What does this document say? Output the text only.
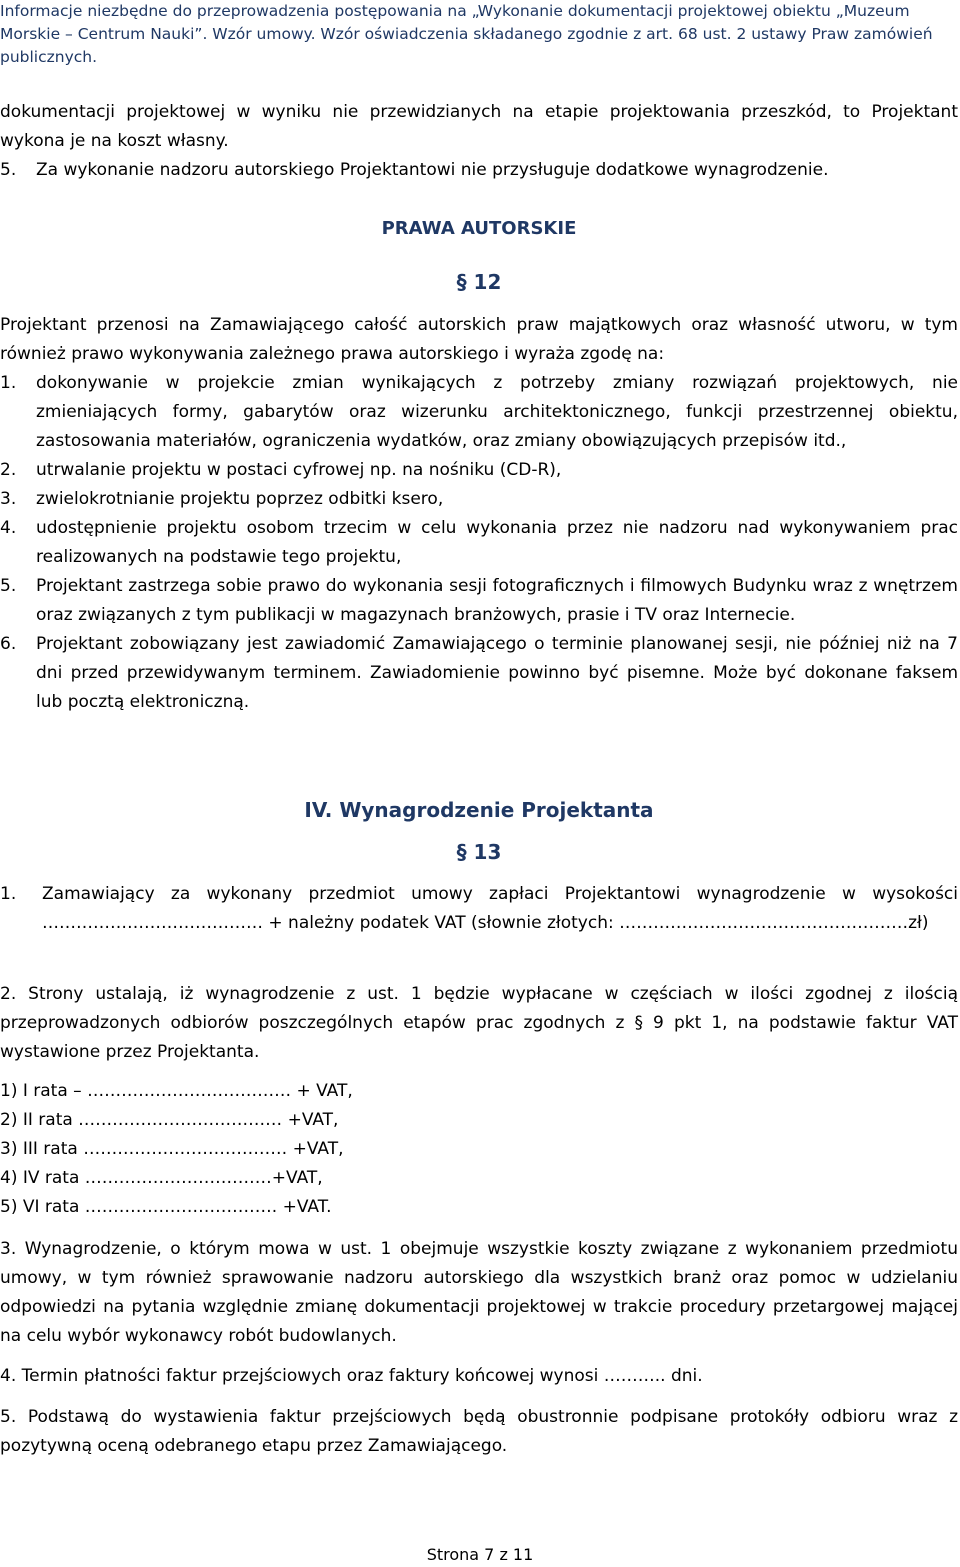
Informacje niezbędne do przeprowadzenia postępowania na „Wykonanie dokumentacji projektowej obiektu „Muzeum Morskie – Centrum Nauki”. Wzór umowy. Wzór oświadczenia składanego zgodnie z art. 68 ust. 2 ustawy Praw zamówień publicznych.
dokumentacji projektowej w wyniku nie przewidzianych na etapie projektowania przeszkód, to Projektant wykona je na koszt własny.
5.	Za wykonanie nadzoru autorskiego Projektantowi nie przysługuje dodatkowe wynagrodzenie.
PRAWA AUTORSKIE
§ 12
Projektant przenosi na Zamawiającego całość autorskich praw majątkowych oraz własność utworu, w tym również prawo wykonywania zależnego prawa autorskiego i wyraża zgodę na:
1.	dokonywanie w projekcie zmian wynikających z potrzeby zmiany rozwiązań projektowych, nie zmieniających formy, gabarytów oraz wizerunku architektonicznego, funkcji przestrzennej obiektu, zastosowania materiałów, ograniczenia wydatków, oraz zmiany obowiązujących przepisów itd.,
2.	utrwalanie projektu w postaci cyfrowej np. na nośniku (CD-R),
3.	zwielokrotnianie projektu poprzez odbitki ksero,
4.	udostępnienie projektu osobom trzecim w celu wykonania przez nie nadzoru nad wykonywaniem prac realizowanych na podstawie tego projektu,
5.	Projektant zastrzega sobie prawo do wykonania sesji fotograficznych i filmowych Budynku wraz z wnętrzem oraz związanych z tym publikacji w magazynach branżowych, prasie i TV oraz Internecie.
6.	Projektant zobowiązany jest zawiadomić Zamawiającego o terminie planowanej sesji, nie później niż na 7 dni przed przewidywanym terminem. Zawiadomienie powinno być pisemne. Może być dokonane faksem lub pocztą elektroniczną.
IV. Wynagrodzenie Projektanta
§ 13
1.	Zamawiający za wykonany przedmiot umowy zapłaci Projektantowi wynagrodzenie w wysokości ………………………………… + należny podatek VAT (słownie złotych: ……………………………………………zł)
2. Strony ustalają, iż wynagrodzenie z ust. 1 będzie wypłacane w częściach w ilości zgodnej z ilością przeprowadzonych odbiorów poszczególnych etapów prac zgodnych z § 9 pkt 1, na podstawie faktur VAT wystawione przez Projektanta.
1) I rata – ……………………………… + VAT,
2) II rata ……………………………… +VAT,
3) III rata ……………………………… +VAT,
4) IV rata ……………………………+VAT,
5) VI rata ……………………………. +VAT.
3. Wynagrodzenie, o którym mowa w ust. 1 obejmuje wszystkie koszty związane z wykonaniem przedmiotu umowy, w tym również sprawowanie nadzoru autorskiego dla wszystkich branż oraz pomoc w udzielaniu odpowiedzi na pytania względnie zmianę dokumentacji projektowej w trakcie procedury przetargowej mającej na celu wybór wykonawcy robót budowlanych.
4. Termin płatności faktur przejściowych oraz faktury końcowej wynosi ……….. dni.
5. Podstawą do wystawienia faktur przejściowych będą obustronnie podpisane protokóły odbioru wraz z pozytywną oceną odebranego etapu przez Zamawiającego.
Strona 7 z 11
